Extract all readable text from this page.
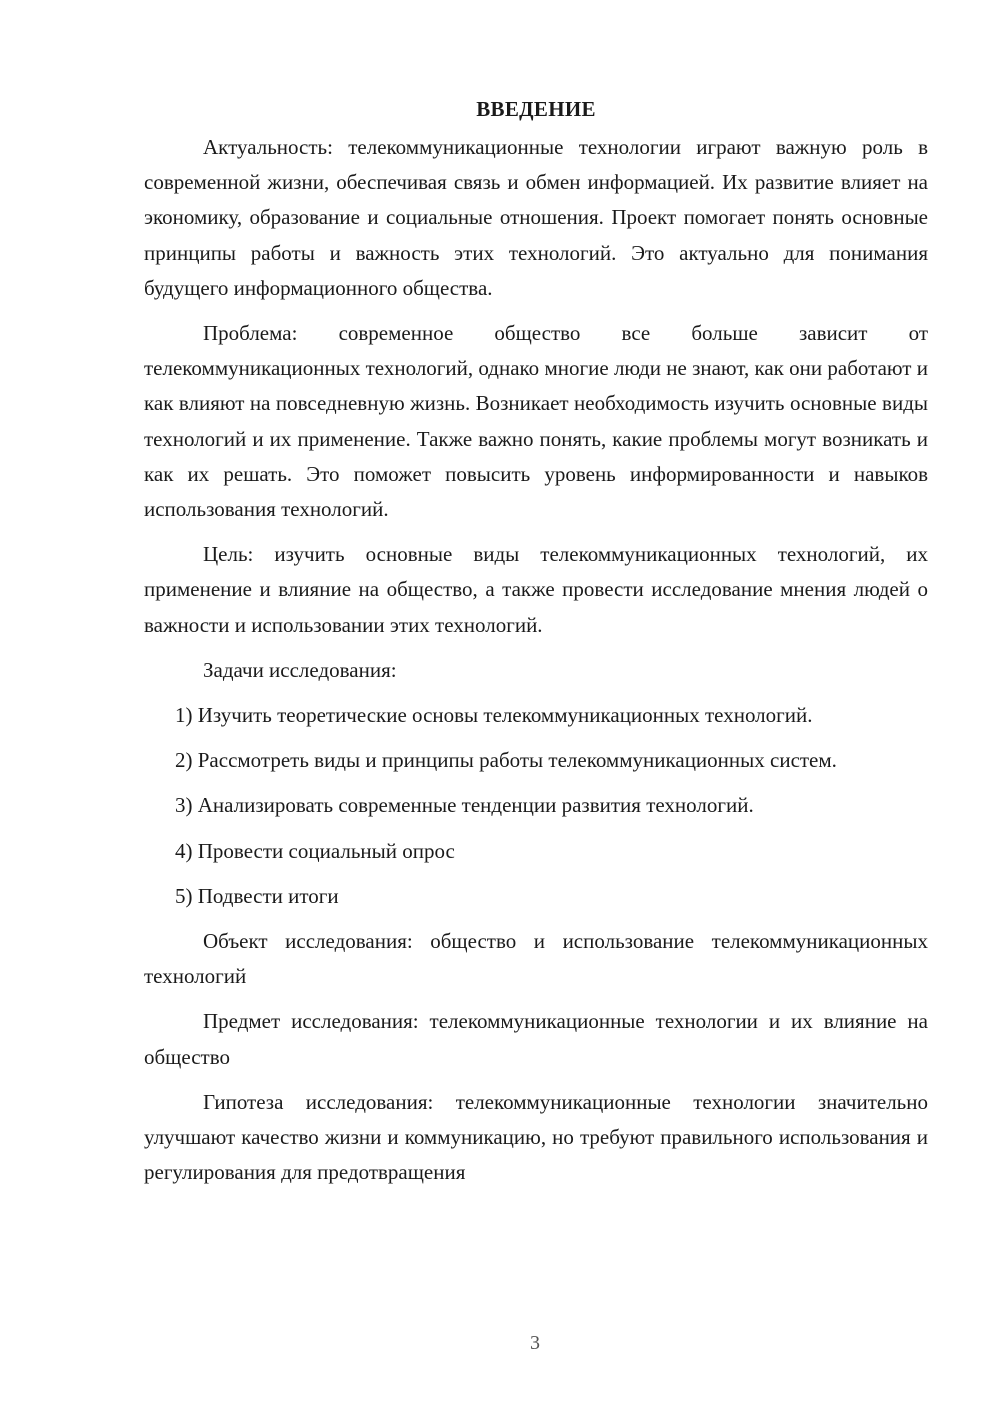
ВВЕДЕНИЕ

Актуальность: телекоммуникационные технологии играют важную роль в современной жизни, обеспечивая связь и обмен информацией. Их развитие влияет на экономику, образование и социальные отношения. Проект помогает понять основные принципы работы и важность этих технологий. Это актуально для понимания будущего информационного общества.

Проблема: современное общество все больше зависит от телекоммуникационных технологий, однако многие люди не знают, как они работают и как влияют на повседневную жизнь. Возникает необходимость изучить основные виды технологий и их применение. Также важно понять, какие проблемы могут возникать и как их решать. Это поможет повысить уровень информированности и навыков использования технологий.

Цель: изучить основные виды телекоммуникационных технологий, их применение и влияние на общество, а также провести исследование мнения людей о важности и использовании этих технологий.

Задачи исследования:

1) Изучить теоретические основы телекоммуникационных технологий.

2) Рассмотреть виды и принципы работы телекоммуникационных систем.

3) Анализировать современные тенденции развития технологий.

4) Провести социальный опрос

5) Подвести итоги

Объект исследования: общество и использование телекоммуникационных технологий

Предмет исследования: телекоммуникационные технологии и их влияние на общество

Гипотеза исследования: телекоммуникационные технологии значительно улучшают качество жизни и коммуникацию, но требуют правильного использования и регулирования для предотвращения

3
